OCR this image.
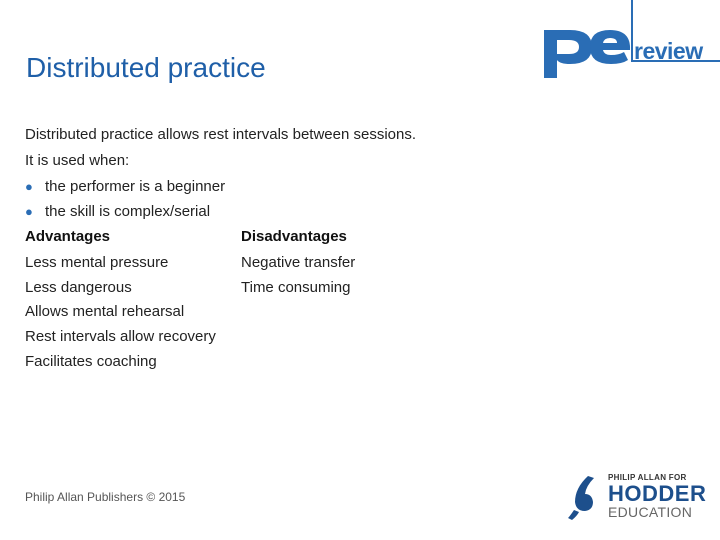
Distributed practice
review
Distributed practice allows rest intervals between sessions.
It is used when:
● the performer is a beginner
● the skill is complex/serial
Advantages	Disadvantages
Less mental pressure
Less dangerous
Allows mental rehearsal
Rest intervals allow recovery
Facilitates coaching
Negative transfer
Time consuming
Philip Allan Publishers © 2015
PHILIP ALLAN FOR
HODDER
EDUCATION
